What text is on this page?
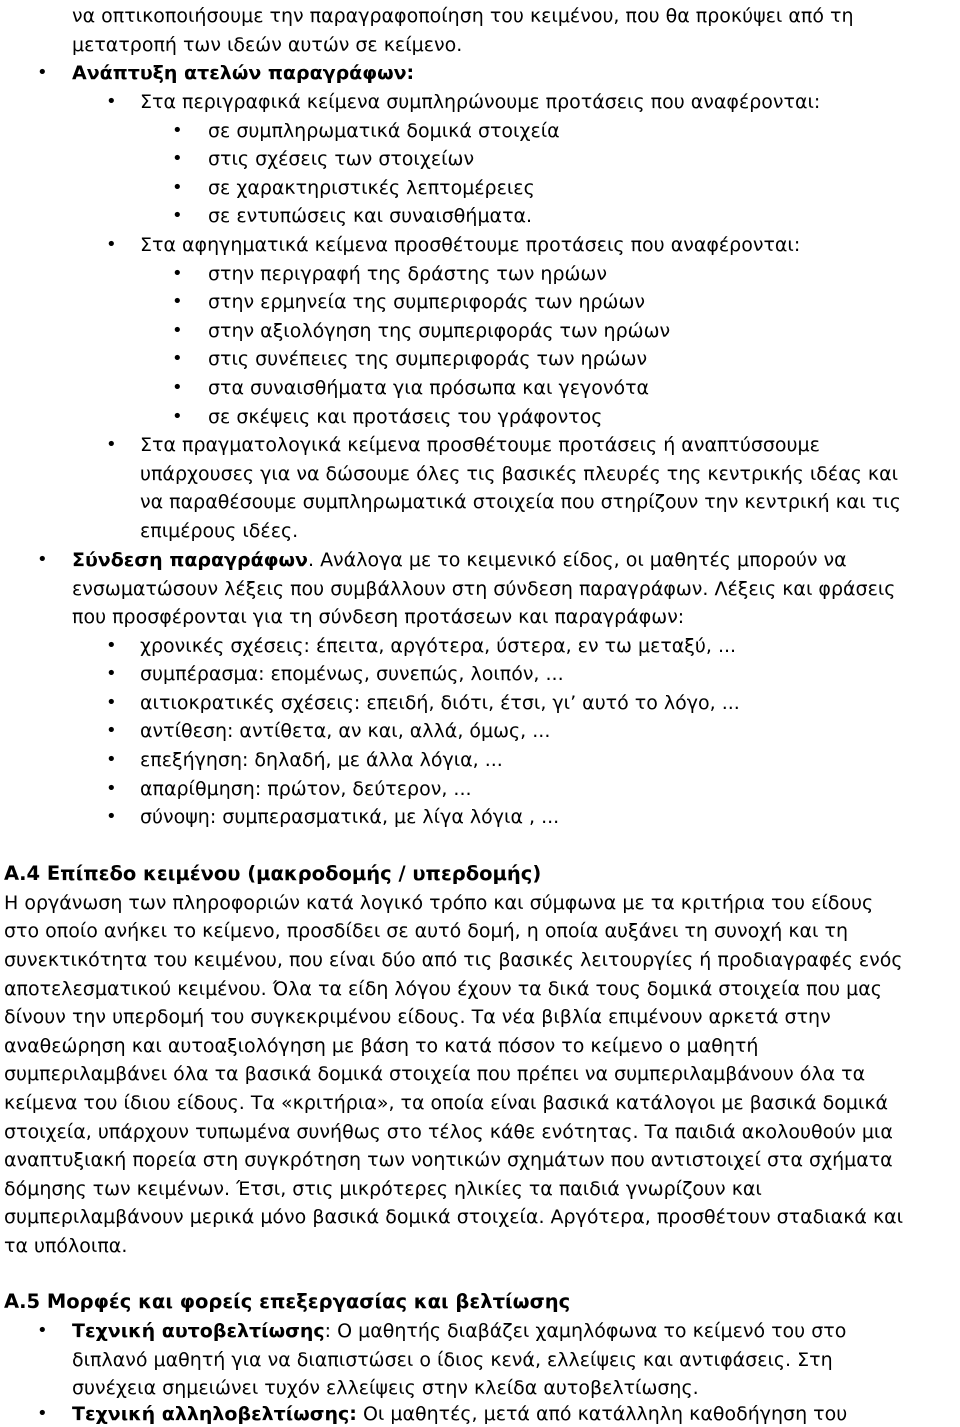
να οπτικοποιήσουμε την παραγραφοποίηση του κειμένου, που θα προκύψει από τη
μετατροπή των ιδεών αυτών σε κείμενο.
• Ανάπτυξη ατελών παραγράφων:
• Στα περιγραφικά κείμενα συμπληρώνουμε προτάσεις που αναφέρονται:
• σε συμπληρωματικά δομικά στοιχεία
• στις σχέσεις των στοιχείων
• σε χαρακτηριστικές λεπτομέρειες
• σε εντυπώσεις και συναισθήματα.
• Στα αφηγηματικά κείμενα προσθέτουμε προτάσεις που αναφέρονται:
• στην περιγραφή της δράστης των ηρώων
• στην ερμηνεία της συμπεριφοράς των ηρώων
• στην αξιολόγηση της συμπεριφοράς των ηρώων
• στις συνέπειες της συμπεριφοράς των ηρώων
• στα συναισθήματα για πρόσωπα και γεγονότα
• σε σκέψεις και προτάσεις του γράφοντος
• Στα πραγματολογικά κείμενα προσθέτουμε προτάσεις ή αναπτύσσουμε
υπάρχουσες για να δώσουμε όλες τις βασικές πλευρές της κεντρικής ιδέας και
να παραθέσουμε συμπληρωματικά στοιχεία που στηρίζουν την κεντρική και τις
επιμέρους ιδέες.
• Σύνδεση παραγράφων. Ανάλογα με το κειμενικό είδος, οι μαθητές μπορούν να
ενσωματώσουν λέξεις που συμβάλλουν στη σύνδεση παραγράφων. Λέξεις και φράσεις
που προσφέρονται για τη σύνδεση προτάσεων και παραγράφων:
• χρονικές σχέσεις: έπειτα, αργότερα, ύστερα, εν τω μεταξύ, ...
• συμπέρασμα: επομένως, συνεπώς, λοιπόν, ...
• αιτιοκρατικές σχέσεις: επειδή, διότι, έτσι, γι’ αυτό το λόγο, ...
• αντίθεση: αντίθετα, αν και, αλλά, όμως, ...
• επεξήγηση: δηλαδή, με άλλα λόγια, ...
• απαρίθμηση: πρώτον, δεύτερον, ...
• σύνοψη: συμπερασματικά, με λίγα λόγια , ...
Α.4 Επίπεδο κειμένου (μακροδομής / υπερδομής)
Η οργάνωση των πληροφοριών κατά λογικό τρόπο και σύμφωνα με τα κριτήρια του είδους
στο οποίο ανήκει το κείμενο, προσδίδει σε αυτό δομή, η οποία αυξάνει τη συνοχή και τη
συνεκτικότητα του κειμένου, που είναι δύο από τις βασικές λειτουργίες ή προδιαγραφές ενός
αποτελεσματικού κειμένου. Όλα τα είδη λόγου έχουν τα δικά τους δομικά στοιχεία που μας
δίνουν την υπερδομή του συγκεκριμένου είδους. Τα νέα βιβλία επιμένουν αρκετά στην
αναθεώρηση και αυτοαξιολόγηση με βάση το κατά πόσον το κείμενο ο μαθητή
συμπεριλαμβάνει όλα τα βασικά δομικά στοιχεία που πρέπει να συμπεριλαμβάνουν όλα τα
κείμενα του ίδιου είδους. Τα «κριτήρια», τα οποία είναι βασικά κατάλογοι με βασικά δομικά
στοιχεία, υπάρχουν τυπωμένα συνήθως στο τέλος κάθε ενότητας. Τα παιδιά ακολουθούν μια
αναπτυξιακή πορεία στη συγκρότηση των νοητικών σχημάτων που αντιστοιχεί στα σχήματα
δόμησης των κειμένων. Έτσι, στις μικρότερες ηλικίες τα παιδιά γνωρίζουν και
συμπεριλαμβάνουν μερικά μόνο βασικά δομικά στοιχεία. Αργότερα, προσθέτουν σταδιακά και
τα υπόλοιπα.
Α.5 Μορφές και φορείς επεξεργασίας και βελτίωσης
• Τεχνική αυτοβελτίωσης: Ο μαθητής διαβάζει χαμηλόφωνα το κείμενό του στο
διπλανό μαθητή για να διαπιστώσει ο ίδιος κενά, ελλείψεις και αντιφάσεις. Στη
συνέχεια σημειώνει τυχόν ελλείψεις στην κλείδα αυτοβελτίωσης.
• Τεχνική αλληλοβελτίωσης: Οι μαθητές, μετά από κατάλληλη καθοδήγηση του
